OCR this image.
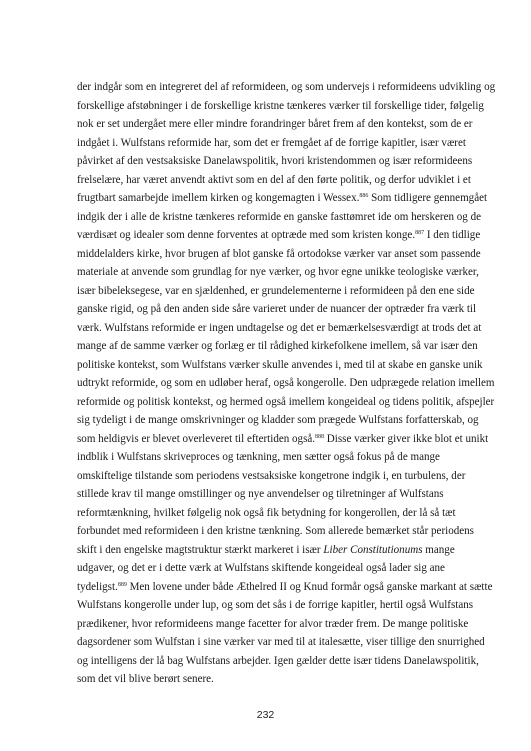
der indgår som en integreret del af reformideen, og som undervejs i reformideens udvikling og
forskellige afstøbninger i de forskellige kristne tænkeres værker til forskellige tider, følgelig
nok er set undergået mere eller mindre forandringer båret frem af den kontekst, som de er
indgået i. Wulfstans reformide har, som det er fremgået af de forrige kapitler, især været
påvirket af den vestsaksiske Danelawspolitik, hvori kristendommen og især reformideens
frelselære, har været anvendt aktivt som en del af den førte politik, og derfor udviklet i et
frugtbart samarbejde imellem kirken og kongemagten i Wessex.$^{886}$ Som tidligere gennemgået
indgik der i alle de kristne tænkeres reformide en ganske fasttømret ide om herskeren og de
værdisæt og idealer som denne forventes at optræde med som kristen konge.$^{887}$ I den tidlige
middelalders kirke, hvor brugen af blot ganske få ortodokse værker var anset som passende
materiale at anvende som grundlag for nye værker, og hvor egne unikke teologiske værker,
især bibeleksegese, var en sjældenhed, er grundelementerne i reformideen på den ene side
ganske rigid, og på den anden side såre varieret under de nuancer der optræder fra værk til
værk. Wulfstans reformide er ingen undtagelse og det er bemærkelsesværdigt at trods det at
mange af de samme værker og forlæg er til rådighed kirkefolkene imellem, så var især den
politiske kontekst, som Wulfstans værker skulle anvendes i, med til at skabe en ganske unik
udtrykt reformide, og som en udløber heraf, også kongerolle. Den udprægede relation imellem
reformide og politisk kontekst, og hermed også imellem kongeideal og tidens politik, afspejler
sig tydeligt i de mange omskrivninger og kladder som prægede Wulfstans forfatterskab, og
som heldigvis er blevet overleveret til eftertiden også.$^{888}$ Disse værker giver ikke blot et unikt
indblik i Wulfstans skriveproces og tænkning, men sætter også fokus på de mange
omskiftelige tilstande som periodens vestsaksiske kongetrone indgik i, en turbulens, der
stillede krav til mange omstillinger og nye anvendelser og tilretninger af Wulfstans
reformtænkning, hvilket følgelig nok også fik betydning for kongerollen, der lå så tæt
forbundet med reformideen i den kristne tænkning. Som allerede bemærket står periodens
skift i den engelske magtstruktur stærkt markeret i især Liber Constitutionums mange
udgaver, og det er i dette værk at Wulfstans skiftende kongeideal også lader sig ane
tydeligst.$^{889}$ Men lovene under både Æthelred II og Knud formår også ganske markant at sætte
Wulfstans kongerolle under lup, og som det sås i de forrige kapitler, hertil også Wulfstans
prædikener, hvor reformideens mange facetter for alvor træder frem. De mange politiske
dagsordener som Wulfstan i sine værker var med til at italesætte, viser tillige den snurrighed
og intelligens der lå bag Wulfstans arbejder. Igen gælder dette især tidens Danelawspolitik,
som det vil blive berørt senere.

232
